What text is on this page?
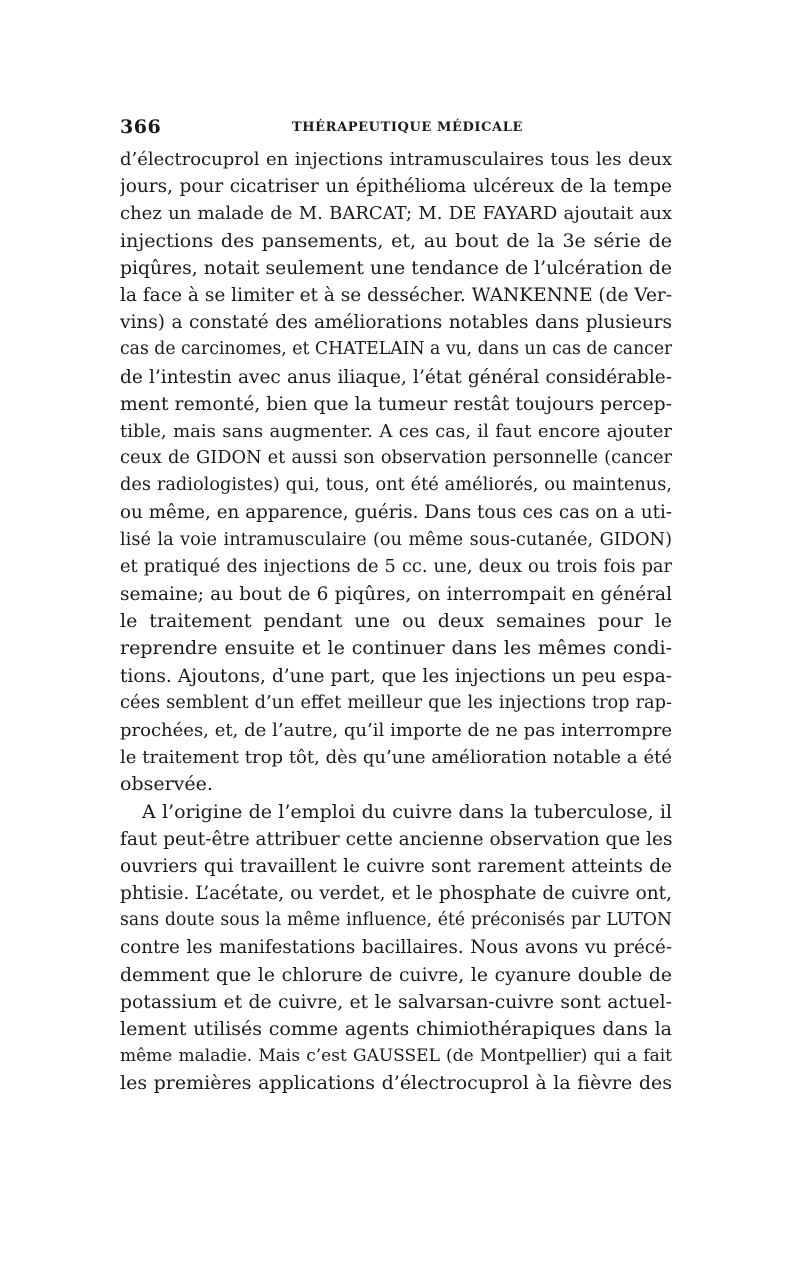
366	THÉRAPEUTIQUE MÉDICALE
d’électrocuprol en injections intramusculaires tous les deux
jours, pour cicatriser un épithélioma ulcéreux de la tempe
chez un malade de M. BARCAT; M. DE FAYARD ajoutait aux
injections des pansements, et, au bout de la 3e série de
piqûres, notait seulement une tendance de l’ulcération de
la face à se limiter et à se dessécher. WANKENNE (de Ver-
vins) a constaté des améliorations notables dans plusieurs
cas de carcinomes, et CHATELAIN a vu, dans un cas de cancer
de l’intestin avec anus iliaque, l’état général considérable-
ment remonté, bien que la tumeur restât toujours percep-
tible, mais sans augmenter. A ces cas, il faut encore ajouter
ceux de GIDON et aussi son observation personnelle (cancer
des radiologistes) qui, tous, ont été améliorés, ou maintenus,
ou même, en apparence, guéris. Dans tous ces cas on a uti-
lisé la voie intramusculaire (ou même sous-cutanée, GIDON)
et pratiqué des injections de 5 cc. une, deux ou trois fois par
semaine; au bout de 6 piqûres, on interrompait en général
le traitement pendant une ou deux semaines pour le
reprendre ensuite et le continuer dans les mêmes condi-
tions. Ajoutons, d’une part, que les injections un peu espa-
cées semblent d’un effet meilleur que les injections trop rap-
prochées, et, de l’autre, qu’il importe de ne pas interrompre
le traitement trop tôt, dès qu’une amélioration notable a été
observée.
A l’origine de l’emploi du cuivre dans la tuberculose, il
faut peut-être attribuer cette ancienne observation que les
ouvriers qui travaillent le cuivre sont rarement atteints de
phtisie. L’acétate, ou verdet, et le phosphate de cuivre ont,
sans doute sous la même influence, été préconisés par LUTON
contre les manifestations bacillaires. Nous avons vu précé-
demment que le chlorure de cuivre, le cyanure double de
potassium et de cuivre, et le salvarsan-cuivre sont actuel-
lement utilisés comme agents chimiothérapiques dans la
même maladie. Mais c’est GAUSSEL (de Montpellier) qui a fait
les premières applications d’électrocuprol à la fièvre des
